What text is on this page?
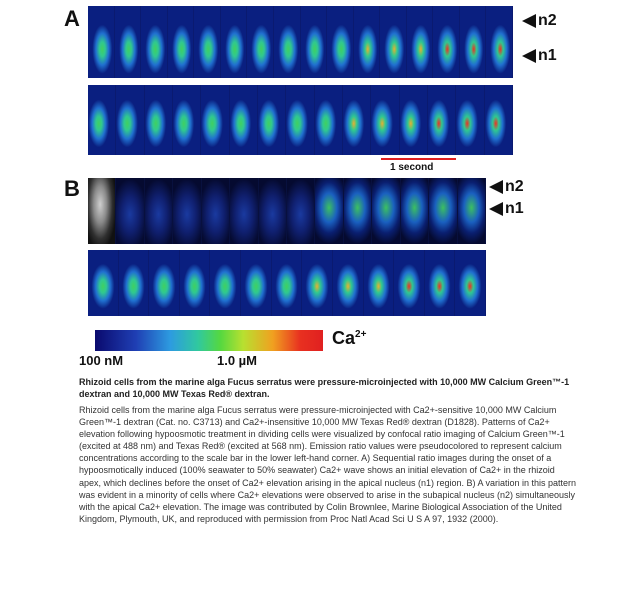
A	n2
n1
1 second
B	n2
n1
$Ca^{2+}$
100 nM	1.0 µM
Rhizoid cells from the marine alga Fucus serratus were pressure-microinjected with 10,000 MW Calcium Green™-1 dextran and 10,000 MW Texas Red® dextran.
Rhizoid cells from the marine alga Fucus serratus were pressure-microinjected with Ca2+-sensitive 10,000 MW Calcium Green™-1 dextran (Cat. no. C3713) and Ca2+-insensitive 10,000 MW Texas Red® dextran (D1828). Patterns of Ca2+ elevation following hypoosmotic treatment in dividing cells were visualized by confocal ratio imaging of Calcium Green™-1 (excited at 488 nm) and Texas Red® (excited at 568 nm). Emission ratio values were pseudocolored to represent calcium concentrations according to the scale bar in the lower left-hand corner. A) Sequential ratio images during the onset of a hypoosmotically induced (100% seawater to 50% seawater) Ca2+ wave shows an initial elevation of Ca2+ in the rhizoid apex, which declines before the onset of Ca2+ elevation arising in the apical nucleus (n1) region. B) A variation in this pattern was evident in a minority of cells where Ca2+ elevations were observed to arise in the subapical nucleus (n2) simultaneously with the apical Ca2+ elevation. The image was contributed by Colin Brownlee, Marine Biological Association of the United Kingdom, Plymouth, UK, and reproduced with permission from Proc Natl Acad Sci U S A 97, 1932 (2000).
